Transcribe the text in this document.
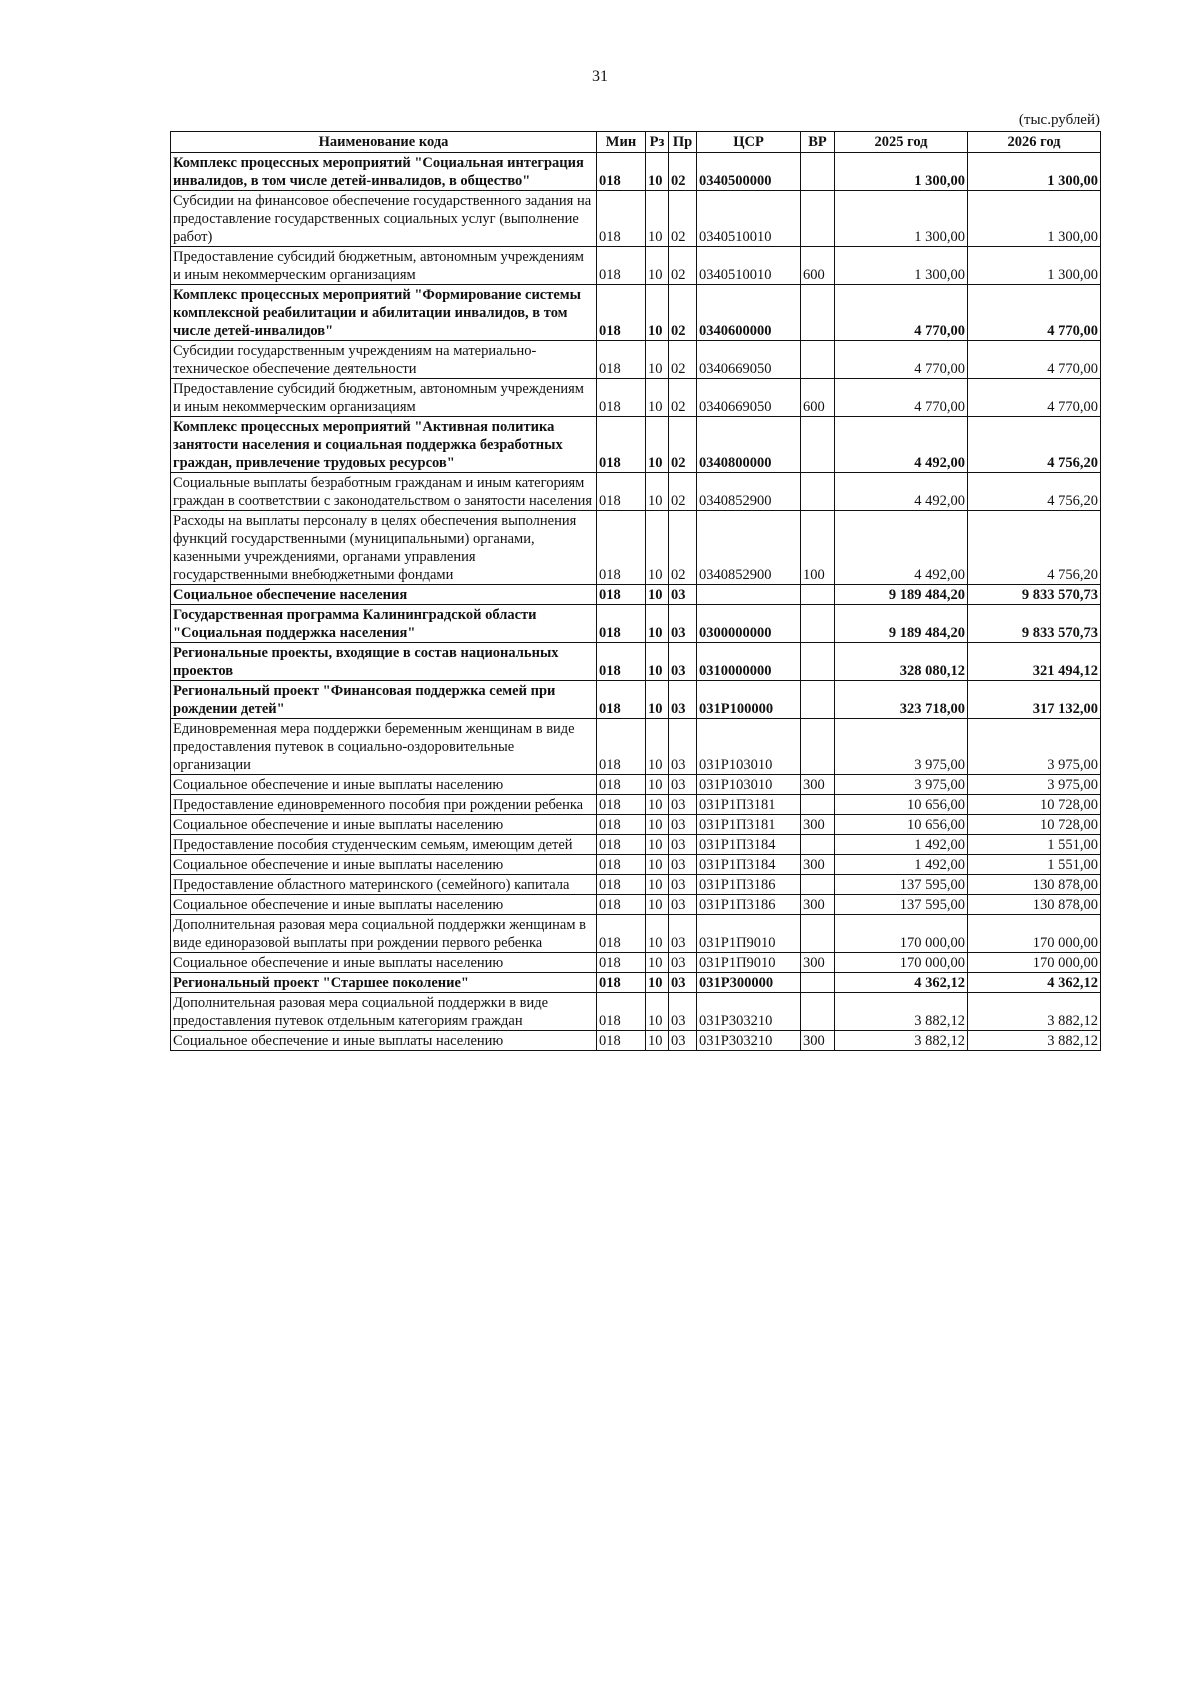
31
(тыс.рублей)
Наименование кода	Мин	Рз	Пр	ЦСР	ВР	2025 год	2026 год
Комплекс процессных мероприятий "Социальная интеграция инвалидов, в том числе детей-инвалидов, в общество"	018	10	02	0340500000		1 300,00	1 300,00
Субсидии на финансовое обеспечение государственного задания на предоставление государственных социальных услуг (выполнение работ)	018	10	02	0340510010		1 300,00	1 300,00
Предоставление субсидий бюджетным, автономным учреждениям и иным некоммерческим организациям	018	10	02	0340510010	600	1 300,00	1 300,00
Комплекс процессных мероприятий "Формирование системы комплексной реабилитации и абилитации инвалидов, в том числе детей-инвалидов"	018	10	02	0340600000		4 770,00	4 770,00
Субсидии государственным учреждениям на материально-техническое обеспечение деятельности	018	10	02	0340669050		4 770,00	4 770,00
Предоставление субсидий бюджетным, автономным учреждениям и иным некоммерческим организациям	018	10	02	0340669050	600	4 770,00	4 770,00
Комплекс процессных мероприятий "Активная политика занятости населения и социальная поддержка безработных граждан, привлечение трудовых ресурсов"	018	10	02	0340800000		4 492,00	4 756,20
Социальные выплаты безработным гражданам и иным категориям граждан в соответствии с законодательством о занятости населения	018	10	02	0340852900		4 492,00	4 756,20
Расходы на выплаты персоналу в целях обеспечения выполнения функций государственными (муниципальными) органами, казенными учреждениями, органами управления государственными внебюджетными фондами	018	10	02	0340852900	100	4 492,00	4 756,20
Социальное обеспечение населения	018	10	03			9 189 484,20	9 833 570,73
Государственная программа Калининградской области "Социальная поддержка населения"	018	10	03	0300000000		9 189 484,20	9 833 570,73
Региональные проекты, входящие в состав национальных проектов	018	10	03	0310000000		328 080,12	321 494,12
Региональный проект "Финансовая поддержка семей при рождении детей"	018	10	03	031P100000		323 718,00	317 132,00
Единовременная мера поддержки беременным женщинам в виде предоставления путевок в социально-оздоровительные организации	018	10	03	031P103010		3 975,00	3 975,00
Социальное обеспечение и иные выплаты населению	018	10	03	031P103010	300	3 975,00	3 975,00
Предоставление единовременного пособия при рождении ребенка	018	10	03	031P1П3181		10 656,00	10 728,00
Социальное обеспечение и иные выплаты населению	018	10	03	031P1П3181	300	10 656,00	10 728,00
Предоставление пособия студенческим семьям, имеющим детей	018	10	03	031P1П3184		1 492,00	1 551,00
Социальное обеспечение и иные выплаты населению	018	10	03	031P1П3184	300	1 492,00	1 551,00
Предоставление областного материнского (семейного) капитала	018	10	03	031P1П3186		137 595,00	130 878,00
Социальное обеспечение и иные выплаты населению	018	10	03	031P1П3186	300	137 595,00	130 878,00
Дополнительная разовая мера социальной поддержки женщинам в виде единоразовой выплаты при рождении первого ребенка	018	10	03	031P1П9010		170 000,00	170 000,00
Социальное обеспечение и иные выплаты населению	018	10	03	031P1П9010	300	170 000,00	170 000,00
Региональный проект "Старшее поколение"	018	10	03	031P300000		4 362,12	4 362,12
Дополнительная разовая мера социальной поддержки в виде предоставления путевок отдельным категориям граждан	018	10	03	031P303210		3 882,12	3 882,12
Социальное обеспечение и иные выплаты населению	018	10	03	031P303210	300	3 882,12	3 882,12
